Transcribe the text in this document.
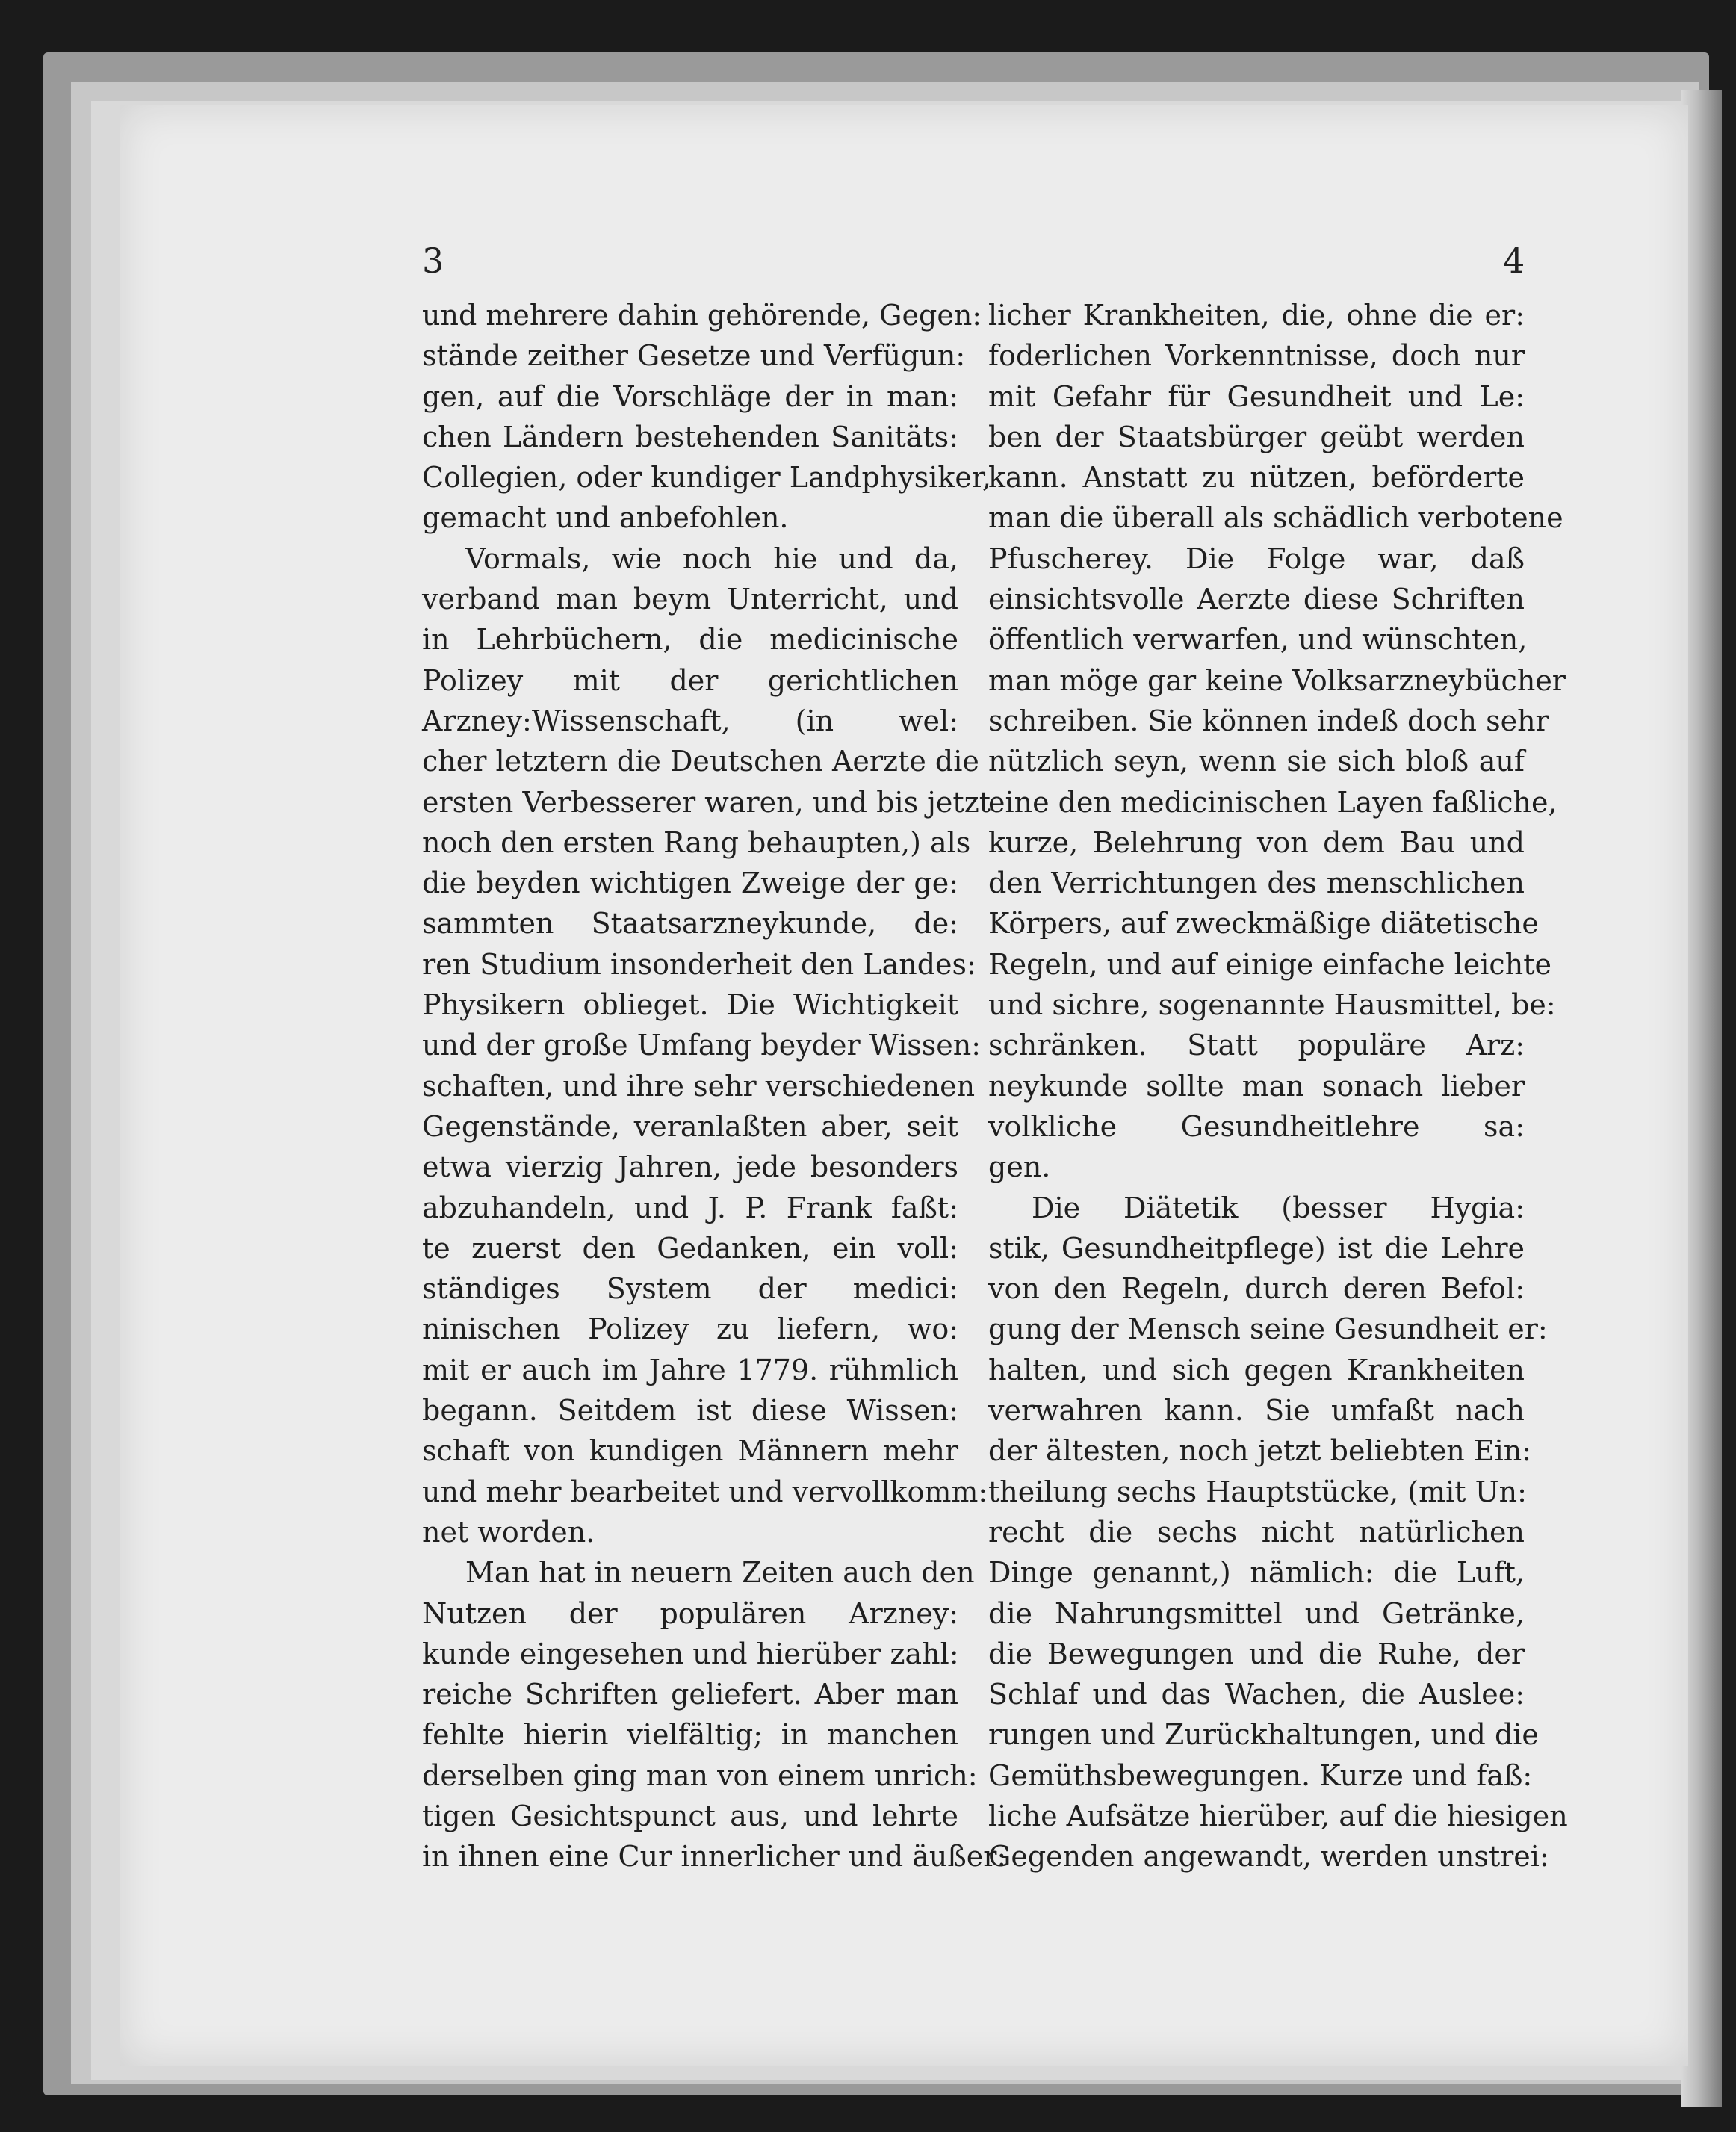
3	4
und mehrere dahin gehörende, Gegen:
stände zeither Gesetze und Verfügun:
gen, auf die Vorschläge der in man:
chen Ländern bestehenden Sanitäts:
Collegien, oder kundiger Landphysiker,
gemacht und anbefohlen.
Vormals, wie noch hie und da,
verband man beym Unterricht, und
in Lehrbüchern, die medicinische
Polizey mit der gerichtlichen
Arzney:Wissenschaft, (in wel:
cher letztern die Deutschen Aerzte die
ersten Verbesserer waren, und bis jetzt
noch den ersten Rang behaupten,) als
die beyden wichtigen Zweige der ge:
sammten Staatsarzneykunde, de:
ren Studium insonderheit den Landes:
Physikern oblieget. Die Wichtigkeit
und der große Umfang beyder Wissen:
schaften, und ihre sehr verschiedenen
Gegenstände, veranlaßten aber, seit
etwa vierzig Jahren, jede besonders
abzuhandeln, und J. P. Frank faßt:
te zuerst den Gedanken, ein voll:
ständiges System der medici:
ninischen Polizey zu liefern, wo:
mit er auch im Jahre 1779. rühmlich
begann. Seitdem ist diese Wissen:
schaft von kundigen Männern mehr
und mehr bearbeitet und vervollkomm:
net worden.
Man hat in neuern Zeiten auch den
Nutzen der populären Arzney:
kunde eingesehen und hierüber zahl:
reiche Schriften geliefert. Aber man
fehlte hierin vielfältig; in manchen
derselben ging man von einem unrich:
tigen Gesichtspunct aus, und lehrte
in ihnen eine Cur innerlicher und äußer:
licher Krankheiten, die, ohne die er:
foderlichen Vorkenntnisse, doch nur
mit Gefahr für Gesundheit und Le:
ben der Staatsbürger geübt werden
kann. Anstatt zu nützen, beförderte
man die überall als schädlich verbotene
Pfuscherey. Die Folge war, daß
einsichtsvolle Aerzte diese Schriften
öffentlich verwarfen, und wünschten,
man möge gar keine Volksarzneybücher
schreiben. Sie können indeß doch sehr
nützlich seyn, wenn sie sich bloß auf
eine den medicinischen Layen faßliche,
kurze, Belehrung von dem Bau und
den Verrichtungen des menschlichen
Körpers, auf zweckmäßige diätetische
Regeln, und auf einige einfache leichte
und sichre, sogenannte Hausmittel, be:
schränken. Statt populäre Arz:
neykunde sollte man sonach lieber
volkliche Gesundheitlehre sa:
gen.
Die Diätetik (besser Hygia:
stik, Gesundheitpflege) ist die Lehre
von den Regeln, durch deren Befol:
gung der Mensch seine Gesundheit er:
halten, und sich gegen Krankheiten
verwahren kann. Sie umfaßt nach
der ältesten, noch jetzt beliebten Ein:
theilung sechs Hauptstücke, (mit Un:
recht die sechs nicht natürlichen
Dinge genannt,) nämlich: die Luft,
die Nahrungsmittel und Getränke,
die Bewegungen und die Ruhe, der
Schlaf und das Wachen, die Auslee:
rungen und Zurückhaltungen, und die
Gemüthsbewegungen. Kurze und faß:
liche Aufsätze hierüber, auf die hiesigen
Gegenden angewandt, werden unstrei:
